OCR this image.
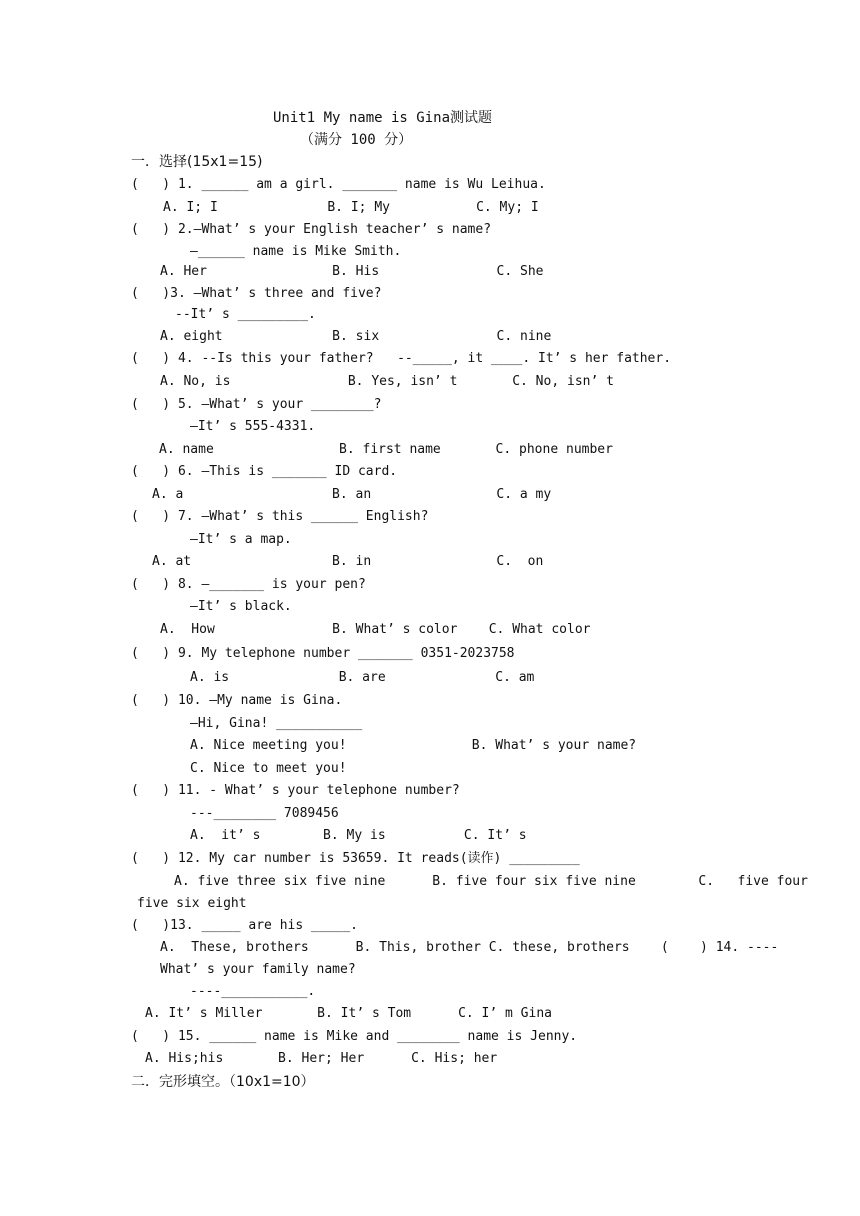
Unit1 My name is Gina测试题
（满分 100 分）
一．选择(15x1=15)
(   ) 1. ______ am a girl. _______ name is Wu Leihua.
A. I; I              B. I; My           C. My; I
(   ) 2.—What’ s your English teacher’ s name?
—______ name is Mike Smith.
A. Her                B. His               C. She
(   )3. —What’ s three and five?
--It’ s _________.
A. eight              B. six               C. nine
(   ) 4. --Is this your father?   --_____, it ____. It’ s her father.
A. No, is               B. Yes, isn’ t       C. No, isn’ t
(   ) 5. —What’ s your ________?
—It’ s 555-4331.
A. name                B. first name       C. phone number
(   ) 6. —This is _______ ID card.
A. a                   B. an                C. a my
(   ) 7. —What’ s this ______ English?
—It’ s a map.
A. at                  B. in                C.  on
(   ) 8. —_______ is your pen?
—It’ s black.
A.  How               B. What’ s color    C. What color
(   ) 9. My telephone number _______ 0351-2023758
A. is              B. are              C. am
(   ) 10. —My name is Gina.
—Hi, Gina! ___________
A. Nice meeting you!                B. What’ s your name?
C. Nice to meet you!
(   ) 11. - What’ s your telephone number?
---________ 7089456
A.  it’ s        B. My is          C. It’ s
(   ) 12. My car number is 53659. It reads(读作) _________
A. five three six five nine      B. five four six five nine        C.   five four
five six eight
(   )13. _____ are his _____.
A.  These, brothers      B. This, brother C. these, brothers    (    ) 14. ----
What’ s your family name?
----___________.
A. It’ s Miller       B. It’ s Tom      C. I’ m Gina
(   ) 15. ______ name is Mike and ________ name is Jenny.
A. His;his       B. Her; Her      C. His; her
二．完形填空。（10x1=10）
